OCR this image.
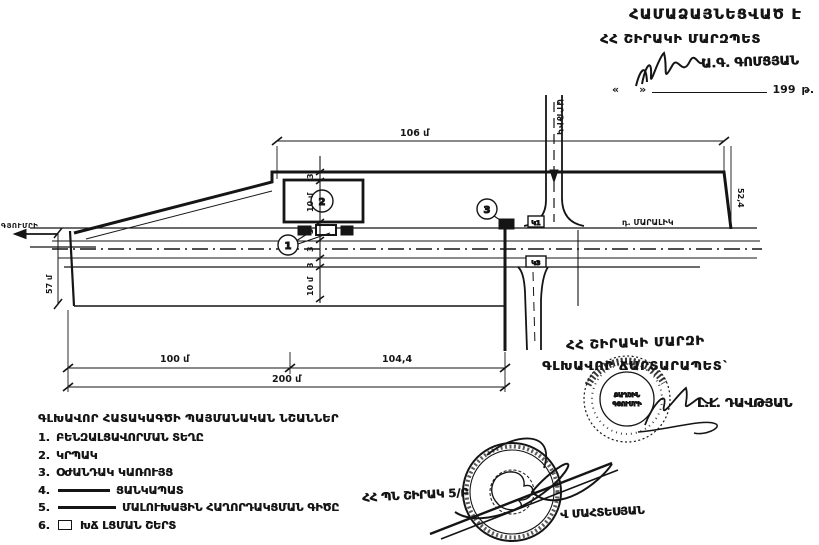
2
1
3
Կ1
Կ3
106 մ
100 մ	104,4
200 մ
3
10 մ
3
3
3
10 մ
ՔԱՂՇԻՆ
ԳՅՈՒՄՐԻ
ՀԱՄԱՁԱՅՆԵՑՎԱԾ Է
ՀՀ ՇԻՐԱԿԻ ՄԱՐԶՊԵՏ
Ա.Գ. ԳՈՄՑՅԱՆ
« »	199 թ.
ԳՅՈՒՄՐԻ	դ. ՄԱՐԱԼԻԿ
ԱՐԹԻԿ
57 մ
52,4
ՀՀ ՇԻՐԱԿԻ ՄԱՐԶԻ
ԳԼԽԱՎՈՐ ՃԱՐՏԱՐԱՊԵՏ`
Լ.Լ. ԴԱՎԹՅԱՆ
ՀՀ ՊՆ ՇԻՐԱԿ 5/Բ
Վ ՄԱՀՏԵՍՅԱՆ
ԳԼԽԱՎՈՐ ՀԱՏԱԿԱԳԾԻ ՊԱՅՄԱՆԱԿԱՆ ՆՇԱՆՆԵՐ
1. ԲԵՆԶԱԼՑԱՎՈՐՄԱՆ ՏԵՂԸ
2. ԿՐՊԱԿ
3. ՕԺԱՆԴԱԿ ԿԱՌՈՒՅՑ
4.	ՑԱՆԿԱՊԱՏ
5.	ՄԱԼՈՒԽԱՅԻՆ ՀԱՂՈՐԴԱԿՑՄԱՆ ԳԻԾԸ
6.	ԽՃ ԼՑՄԱՆ ՇԵՐՏ
